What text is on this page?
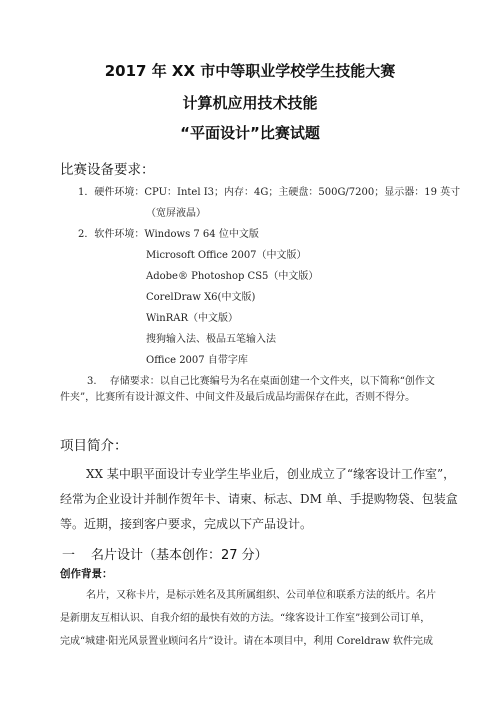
2017 年 XX 市中等职业学校学生技能大赛
计算机应用技术技能
“平面设计”比赛试题
比赛设备要求：
1．硬件环境：CPU：Intel I3；内存：4G；主硬盘：500G/7200；显示器：19 英寸
（宽屏液晶）
2．软件环境：Windows 7 64 位中文版
Microsoft Office 2007（中文版）
Adobe® Photoshop CS5（中文版）
CorelDraw X6(中文版)
WinRAR（中文版）
搜狗输入法、极品五笔输入法
Office 2007 自带字库
3.　 存储要求：以自己比赛编号为名在桌面创建一个文件夹，以下简称“创作文
件夹”，比赛所有设计源文件、中间文件及最后成品均需保存在此，否则不得分。
项目简介：
XX 某中职平面设计专业学生毕业后，创业成立了“缘客设计工作室”，
经常为企业设计并制作贺年卡、请柬、标志、DM 单、手提购物袋、包装盒
等。近期，接到客户要求，完成以下产品设计。
一 名片设计（基本创作：27 分）
创作背景：
名片，又称卡片，是标示姓名及其所属组织、公司单位和联系方法的纸片。名片
是新朋友互相认识、自我介绍的最快有效的方法。“缘客设计工作室”接到公司订单，
完成“城建·阳光风景置业顾问名片”设计。请在本项目中，利用 Coreldraw 软件完成
